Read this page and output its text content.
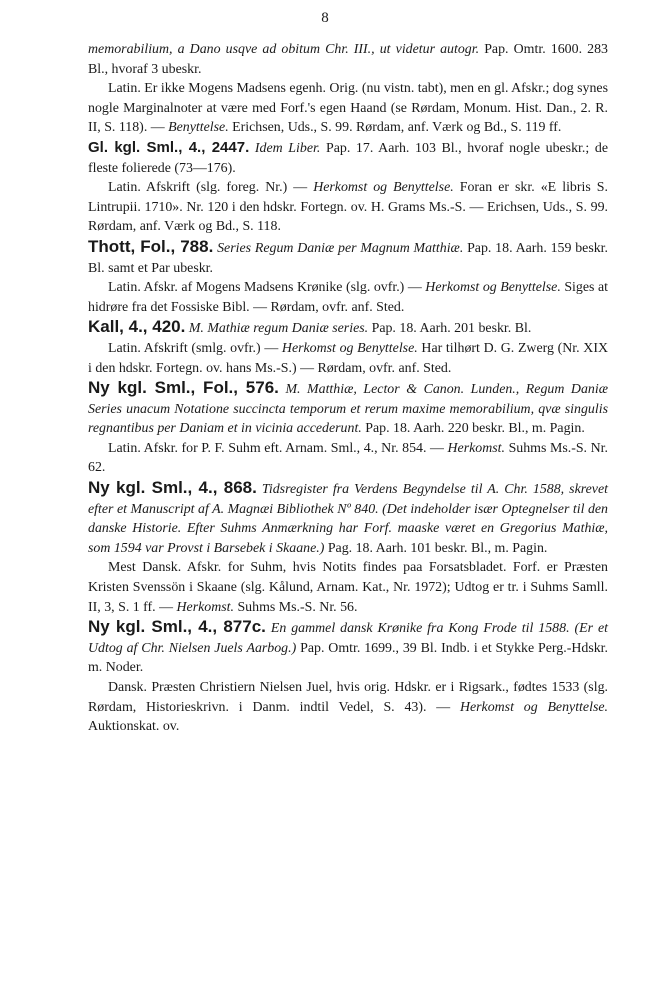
8

memorabilium, a Dano usqve ad obitum Chr. III., ut videtur autogr. Pap. Omtr. 1600. 283 Bl., hvoraf 3 ubeskr.

Latin. Er ikke Mogens Madsens egenh. Orig. (nu vistn. tabt), men en gl. Afskr.; dog synes nogle Marginalnoter at være med Forf.'s egen Haand (se Rørdam, Monum. Hist. Dan., 2. R. II, S. 118). — Benyttelse. Erichsen, Uds., S. 99. Rørdam, anf. Værk og Bd., S. 119 ff.

Gl. kgl. Sml., 4., 2447. Idem Liber. Pap. 17. Aarh. 103 Bl., hvoraf nogle ubeskr.; de fleste folierede (73—176).

Latin. Afskrift (slg. foreg. Nr.) — Herkomst og Benyttelse. Foran er skr. «E libris S. Lintrupii. 1710». Nr. 120 i den hdskr. Fortegn. ov. H. Grams Ms.-S. — Erichsen, Uds., S. 99. Rørdam, anf. Værk og Bd., S. 118.

Thott, Fol., 788. Series Regum Daniæ per Magnum Matthiæ. Pap. 18. Aarh. 159 beskr. Bl. samt et Par ubeskr.

Latin. Afskr. af Mogens Madsens Krønike (slg. ovfr.) — Herkomst og Benyttelse. Siges at hidrøre fra det Fossiske Bibl. — Rørdam, ovfr. anf. Sted.

Kall, 4., 420. M. Mathiæ regum Daniæ series. Pap. 18. Aarh. 201 beskr. Bl.

Latin. Afskrift (smlg. ovfr.) — Herkomst og Benyttelse. Har tilhørt D. G. Zwerg (Nr. XIX i den hdskr. Fortegn. ov. hans Ms.-S.) — Rørdam, ovfr. anf. Sted.

Ny kgl. Sml., Fol., 576. M. Matthiæ, Lector & Canon. Lunden., Regum Daniæ Series unacum Notatione succincta temporum et rerum maxime memorabilium, qvæ singulis regnantibus per Daniam et in vicinia accederunt. Pap. 18. Aarh. 220 beskr. Bl., m. Pagin.

Latin. Afskr. for P. F. Suhm eft. Arnam. Sml., 4., Nr. 854. — Herkomst. Suhms Ms.-S. Nr. 62.

Ny kgl. Sml., 4., 868. Tidsregister fra Verdens Begyndelse til A. Chr. 1588, skrevet efter et Manuscript af A. Magnæi Bibliothek Nº 840. (Det indeholder især Optegnelser til den danske Historie. Efter Suhms Anmærkning har Forf. maaske været en Gregorius Mathiæ, som 1594 var Provst i Barsebek i Skaane.) Pag. 18. Aarh. 101 beskr. Bl., m. Pagin.

Mest Dansk. Afskr. for Suhm, hvis Notits findes paa Forsatsbladet. Forf. er Præsten Kristen Svenssön i Skaane (slg. Kålund, Arnam. Kat., Nr. 1972); Udtog er tr. i Suhms Samll. II, 3, S. 1 ff. — Herkomst. Suhms Ms.-S. Nr. 56.

Ny kgl. Sml., 4., 877c. En gammel dansk Krønike fra Kong Frode til 1588. (Er et Udtog af Chr. Nielsen Juels Aarbog.) Pap. Omtr. 1699., 39 Bl. Indb. i et Stykke Perg.-Hdskr. m. Noder.

Dansk. Præsten Christiern Nielsen Juel, hvis orig. Hdskr. er i Rigsark., fødtes 1533 (slg. Rørdam, Historieskrivn. i Danm. indtil Vedel, S. 43). — Herkomst og Benyttelse. Auktionskat. ov.
